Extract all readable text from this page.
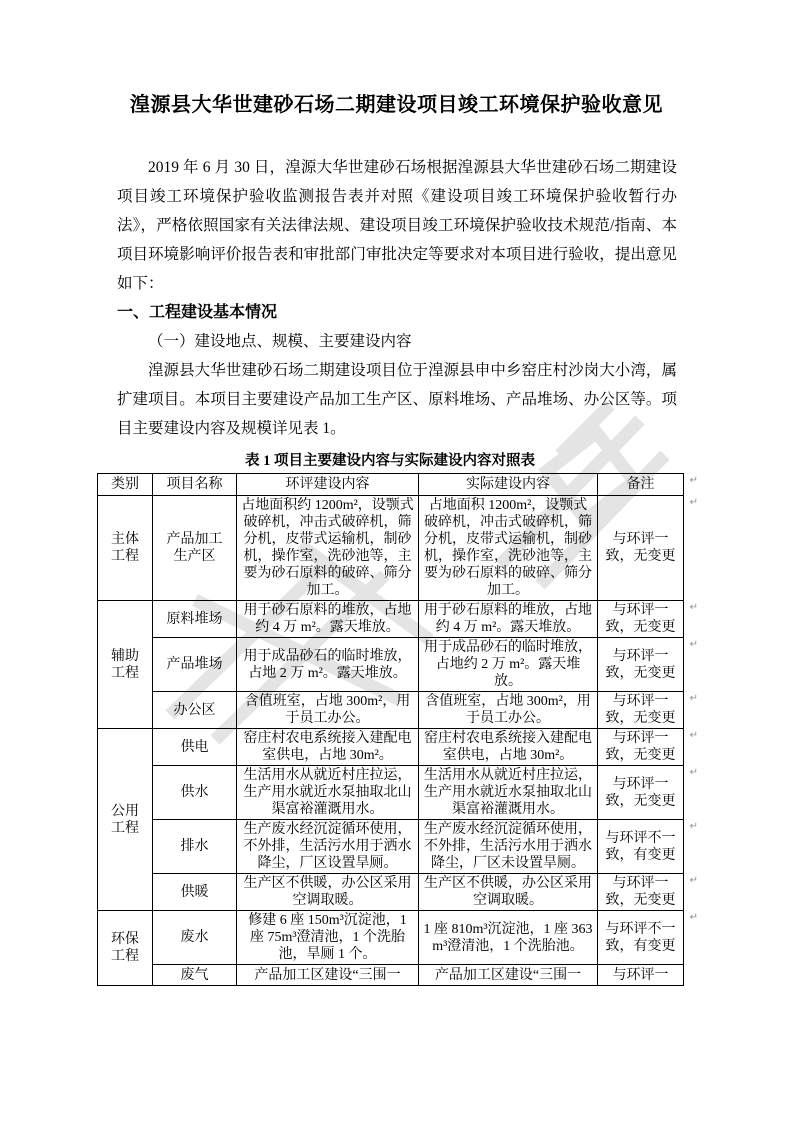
湟源县大华世建砂石场二期建设项目竣工环境保护验收意见

2019 年 6 月 30 日，湟源大华世建砂石场根据湟源县大华世建砂石场二期建设项目竣工环境保护验收监测报告表并对照《建设项目竣工环境保护验收暂行办法》，严格依照国家有关法律法规、建设项目竣工环境保护验收技术规范/指南、本项目环境影响评价报告表和审批部门审批决定等要求对本项目进行验收，提出意见如下：

一、工程建设基本情况
（一）建设地点、规模、主要建设内容

湟源县大华世建砂石场二期建设项目位于湟源县申中乡窑庄村沙岗大小湾，属扩建项目。本项目主要建设产品加工生产区、原料堆场、产品堆场、办公区等。项目主要建设内容及规模详见表 1。

表 1 项目主要建设内容与实际建设内容对照表
类别	项目名称	环评建设内容	实际建设内容	备注 ↵

主体工程	产品加工生产区	占地面积约 1200m²，设颚式破碎机，冲击式破碎机，筛分机，皮带式运输机，制砂机，操作室，洗砂池等，主要为砂石原料的破碎、筛分加工。	占地面积 1200m²，设颚式破碎机，冲击式破碎机，筛分机，皮带式运输机，制砂机，操作室，洗砂池等，主要为砂石原料的破碎、筛分加工。	与环评一致，无变更
↵

辅助工程	原料堆场	用于砂石原料的堆放，占地约 4 万 m²。露天堆放。	用于砂石原料的堆放，占地约 4 万 m²。露天堆放。	与环评一致，无变更
↵

	产品堆场	用于成品砂石的临时堆放，占地 2 万 m²。露天堆放。	用于成品砂石的临时堆放，占地约 2 万 m²。露天堆放。	与环评一致，无变更
↵

	办公区	含值班室，占地 300m²，用于员工办公。	含值班室，占地 300m²，用于员工办公。	与环评一致，无变更
↵

公用工程	供电	窑庄村农电系统接入建配电室供电，占地 30m²。	窑庄村农电系统接入建配电室供电，占地 30m²。	与环评一致，无变更
↵

	供水	生活用水从就近村庄拉运，生产用水就近水泵抽取北山渠富裕灌溉用水。	生活用水从就近村庄拉运，生产用水就近水泵抽取北山渠富裕灌溉用水。	与环评一致，无变更
↵

	排水	生产废水经沉淀循环使用，不外排，生活污水用于洒水降尘，厂区设置旱厕。	生产废水经沉淀循环使用，不外排，生活污水用于洒水降尘，厂区未设置旱厕。	与环评不一致，有变更
↵

	供暖	生产区不供暖，办公区采用空调取暖。	生产区不供暖，办公区采用空调取暖。	与环评一致，无变更
↵

环保工程	废水	修建 6 座 150m³沉淀池，1 座 75m³澄清池，1 个洗胎池，旱厕 1 个。	1 座 810m³沉淀池，1 座 363m³澄清池，1 个洗胎池。	与环评不一致，有变更
↵

	废气	产品加工区建设“三围一	产品加工区建设“三围一	与环评一
